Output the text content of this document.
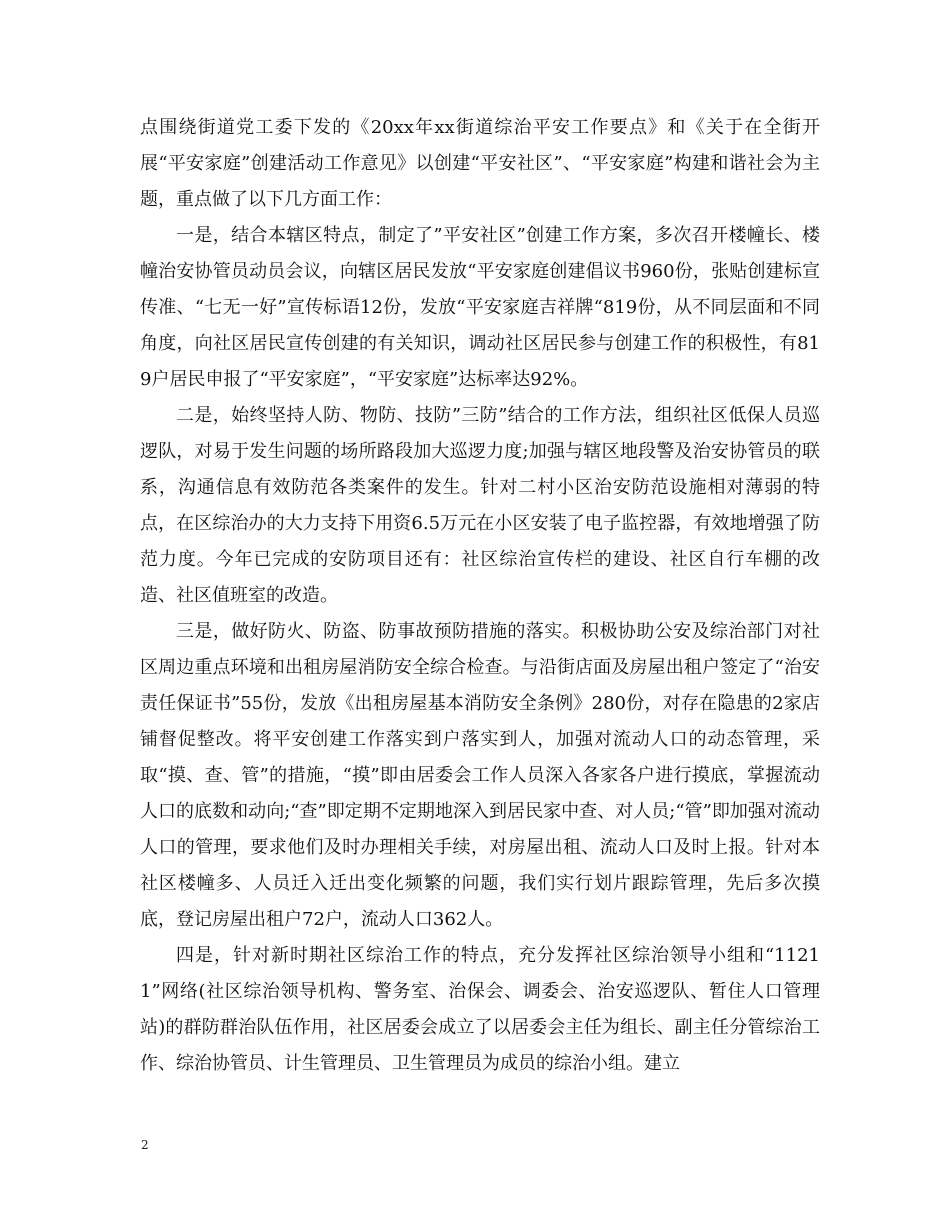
点围绕街道党工委下发的《20xx年xx街道综治平安工作要点》和《关于在全街开展“平安家庭”创建活动工作意见》以创建“平安社区”、“平安家庭”构建和谐社会为主题，重点做了以下几方面工作：

一是，结合本辖区特点，制定了”平安社区”创建工作方案，多次召开楼幢长、楼幢治安协管员动员会议，向辖区居民发放“平安家庭创建倡议书960份，张贴创建标宣传准、“七无一好”宣传标语12份，发放“平安家庭吉祥牌“819份，从不同层面和不同角度，向社区居民宣传创建的有关知识，调动社区居民参与创建工作的积极性，有819户居民申报了“平安家庭”，“平安家庭”达标率达92%。

二是，始终坚持人防、物防、技防”三防”结合的工作方法，组织社区低保人员巡逻队，对易于发生问题的场所路段加大巡逻力度;加强与辖区地段警及治安协管员的联系，沟通信息有效防范各类案件的发生。针对二村小区治安防范设施相对薄弱的特点，在区综治办的大力支持下用资6.5万元在小区安装了电子监控器，有效地增强了防范力度。今年已完成的安防项目还有：社区综治宣传栏的建设、社区自行车棚的改造、社区值班室的改造。

三是，做好防火、防盗、防事故预防措施的落实。积极协助公安及综治部门对社区周边重点环境和出租房屋消防安全综合检查。与沿街店面及房屋出租户签定了“治安责任保证书”55份，发放《出租房屋基本消防安全条例》280份，对存在隐患的2家店铺督促整改。将平安创建工作落实到户落实到人，加强对流动人口的动态管理，采取“摸、查、管”的措施，“摸”即由居委会工作人员深入各家各户进行摸底，掌握流动人口的底数和动向;“查”即定期不定期地深入到居民家中查、对人员;“管”即加强对流动人口的管理，要求他们及时办理相关手续，对房屋出租、流动人口及时上报。针对本社区楼幢多、人员迁入迁出变化频繁的问题，我们实行划片跟踪管理，先后多次摸底，登记房屋出租户72户，流动人口362人。

四是，针对新时期社区综治工作的特点，充分发挥社区综治领导小组和“11211”网络(社区综治领导机构、警务室、治保会、调委会、治安巡逻队、暂住人口管理站)的群防群治队伍作用，社区居委会成立了以居委会主任为组长、副主任分管综治工作、综治协管员、计生管理员、卫生管理员为成员的综治小组。建立

2
